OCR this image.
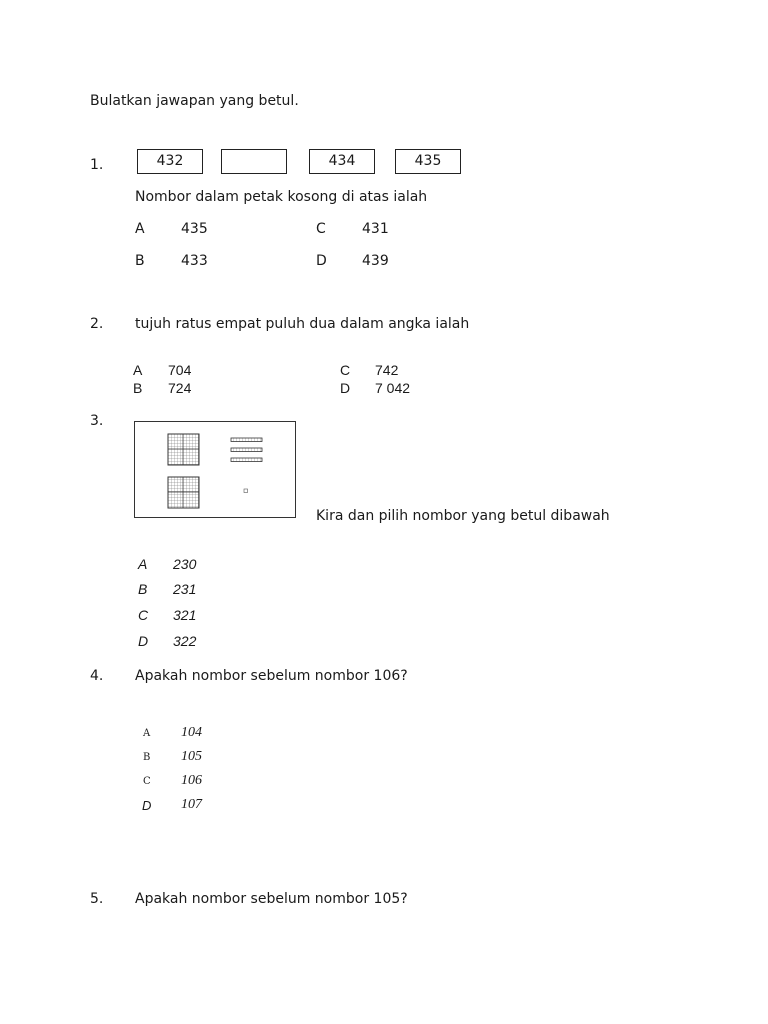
Bulatkan jawapan yang betul.
1.	432	434	435
Nombor dalam petak kosong di atas ialah
A	435	C	431
B	433	D	439
2. tujuh ratus empat puluh dua dalam angka ialah
A 704
B 724
C 742
D 7 042
3.
Kira dan pilih nombor yang betul dibawah
A 230
B 231
C 321
D 322
4. Apakah nombor sebelum nombor 106?
A 104
B 105
C 106
D 107
5. Apakah nombor sebelum nombor 105?
